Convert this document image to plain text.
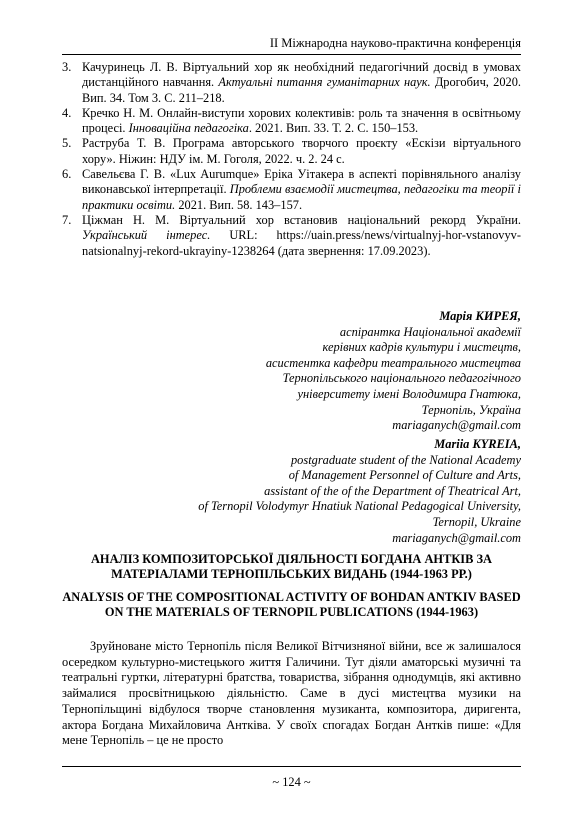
ІІ Міжнародна науково-практична конференція
3. Качуринець Л. В. Віртуальний хор як необхідний педагогічний досвід в умовах дистанційного навчання. Актуальні питання гуманітарних наук. Дрогобич, 2020. Вип. 34. Том 3. С. 211–218.
4. Кречко Н. М. Онлайн-виступи хорових колективів: роль та значення в освітньому процесі. Інноваційна педагогіка. 2021. Вип. 33. Т. 2. С. 150–153.
5. Раструба Т. В. Програма авторського творчого проєкту «Ескізи віртуального хору». Ніжин: НДУ ім. М. Гоголя, 2022. ч. 2. 24 с.
6. Савельєва Г. В. «Lux Aurumque» Еріка Уітакера в аспекті порівняльного аналізу виконавської інтерпретації. Проблеми взаємодії мистецтва, педагогіки та теорії і практики освіти. 2021. Вип. 58. 143–157.
7. Ціжман Н. М. Віртуальний хор встановив національний рекорд України. Український інтерес. URL: https://uain.press/news/virtualnyj-hor-vstanovyv-natsionalnyj-rekord-ukrayiny-1238264 (дата звернення: 17.09.2023).
Марія КИРЕЯ,
аспірантка Національної академії
керівних кадрів культури і мистецтв,
асистентка кафедри театрального мистецтва
Тернопільського національного педагогічного
університету імені Володимира Гнатюка,
Тернопіль, Україна
mariaganych@gmail.com
Mariia KYREIA,
postgraduate student of the National Academy
of Management Personnel of Culture and Arts,
assistant of the of the Department of Theatrical Art,
of Ternopil Volodymyr Hnatiuk National Pedagogical University,
Ternopil, Ukraine
mariaganych@gmail.com
АНАЛІЗ КОМПОЗИТОРСЬКОЇ ДІЯЛЬНОСТІ БОГДАНА АНТКІВ ЗА МАТЕРІАЛАМИ ТЕРНОПІЛЬСЬКИХ ВИДАНЬ (1944-1963 РР.)
ANALYSIS OF THE COMPOSITIONAL ACTIVITY OF BOHDAN ANTKIV BASED ON THE MATERIALS OF TERNOPIL PUBLICATIONS (1944-1963)

Зруйноване місто Тернопіль після Великої Вітчизняної війни, все ж залишалося осередком культурно-мистецького життя Галичини. Тут діяли аматорські музичні та театральні гуртки, літературні братства, товариства, зібрання однодумців, які активно займалися просвітницькою діяльністю. Саме в дусі мистецтва музики на Тернопільщині відбулося творче становлення музиканта, композитора, диригента, актора Богдана Михайловича Антківа. У своїх спогадах Богдан Антків пише: «Для мене Тернопіль – це не просто

~ 124 ~
